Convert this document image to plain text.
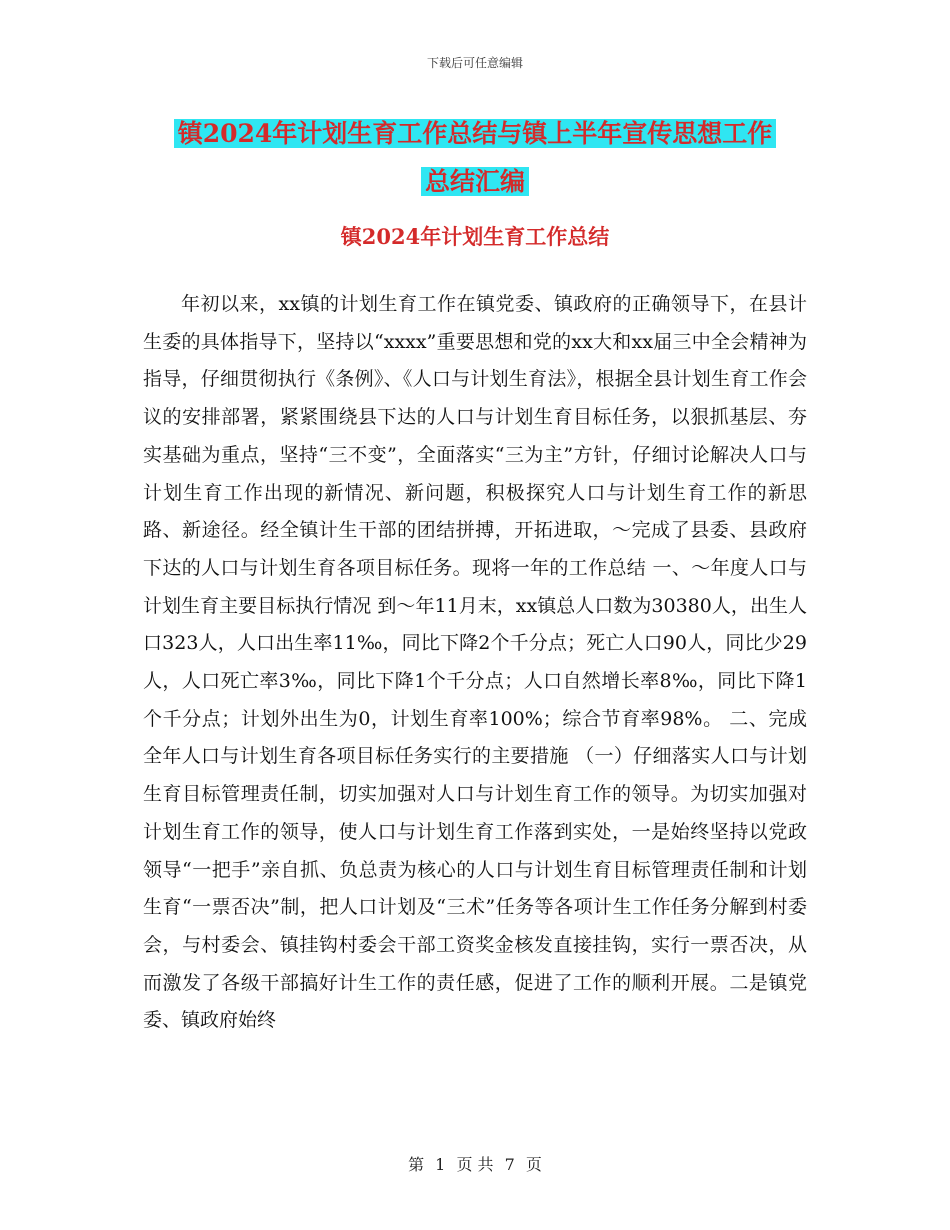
下载后可任意编辑
镇2024年计划生育工作总结与镇上半年宣传思想工作
总结汇编
镇2024年计划生育工作总结

年初以来，xx镇的计划生育工作在镇党委、镇政府的正确领导下，在县计生委的具体指导下，坚持以“xxxx”重要思想和党的xx大和xx届三中全会精神为指导，仔细贯彻执行《条例》、《人口与计划生育法》，根据全县计划生育工作会议的安排部署，紧紧围绕县下达的人口与计划生育目标任务，以狠抓基层、夯实基础为重点，坚持“三不变”，全面落实“三为主”方针，仔细讨论解决人口与计划生育工作出现的新情况、新问题，积极探究人口与计划生育工作的新思路、新途径。经全镇计生干部的团结拼搏，开拓进取，～完成了县委、县政府下达的人口与计划生育各项目标任务。现将一年的工作总结 一、～年度人口与计划生育主要目标执行情况 到～年11月末，xx镇总人口数为30380人，出生人口323人，人口出生率11‰，同比下降2个千分点；死亡人口90人，同比少29人，人口死亡率3‰，同比下降1个千分点；人口自然增长率8‰，同比下降1个千分点；计划外出生为0，计划生育率100%；综合节育率98%。 二、完成全年人口与计划生育各项目标任务实行的主要措施 （一）仔细落实人口与计划生育目标管理责任制，切实加强对人口与计划生育工作的领导。为切实加强对计划生育工作的领导，使人口与计划生育工作落到实处，一是始终坚持以党政领导“一把手”亲自抓、负总责为核心的人口与计划生育目标管理责任制和计划生育“一票否决”制，把人口计划及“三术”任务等各项计生工作任务分解到村委会，与村委会、镇挂钩村委会干部工资奖金核发直接挂钩，实行一票否决，从而激发了各级干部搞好计生工作的责任感，促进了工作的顺利开展。二是镇党委、镇政府始终

第 1 页 共 7 页
